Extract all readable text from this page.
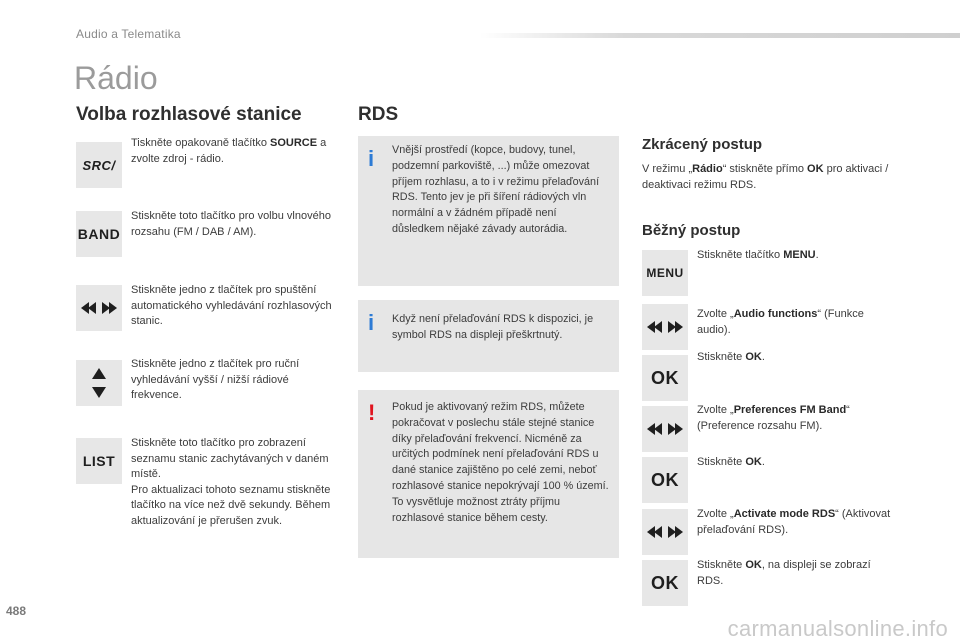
Audio a Telematika
Rádio
Volba rozhlasové stanice
SRC/
Tiskněte opakovaně tlačítko SOURCE a zvolte zdroj - rádio.
BAND
Stiskněte toto tlačítko pro volbu vlnového rozsahu (FM / DAB / AM).
Stiskněte jedno z tlačítek pro spuštění automatického vyhledávání rozhlasových stanic.
Stiskněte jedno z tlačítek pro ruční vyhledávání vyšší / nižší rádiové frekvence.
LIST
Stiskněte toto tlačítko pro zobrazení seznamu stanic zachytávaných v daném místě.
Pro aktualizaci tohoto seznamu stiskněte tlačítko na více než dvě sekundy. Během aktualizování je přerušen zvuk.
RDS
i Vnější prostředí (kopce, budovy, tunel, podzemní parkoviště, ...) může omezovat příjem rozhlasu, a to i v režimu přelaďování RDS. Tento jev je při šíření rádiových vln normální a v žádném případě není důsledkem nějaké závady autorádia.
i Když není přelaďování RDS k dispozici, je symbol RDS na displeji přeškrtnutý.
! Pokud je aktivovaný režim RDS, můžete pokračovat v poslechu stále stejné stanice díky přelaďování frekvencí. Nicméně za určitých podmínek není přelaďování RDS u dané stanice zajištěno po celé zemi, neboť rozhlasové stanice nepokrývají 100 % území. To vysvětluje možnost ztráty příjmu rozhlasové stanice během cesty.
Zkrácený postup
V režimu „Rádio“ stiskněte přímo OK pro aktivaci / deaktivaci režimu RDS.
Běžný postup
MENU
Stiskněte tlačítko MENU.
Zvolte „Audio functions“ (Funkce audio).
OK
Stiskněte OK.
Zvolte „Preferences FM Band“ (Preference rozsahu FM).
OK
Stiskněte OK.
Zvolte „Activate mode RDS“ (Aktivovat přelaďování RDS).
OK
Stiskněte OK, na displeji se zobrazí RDS.
488
carmanualsonline.info
